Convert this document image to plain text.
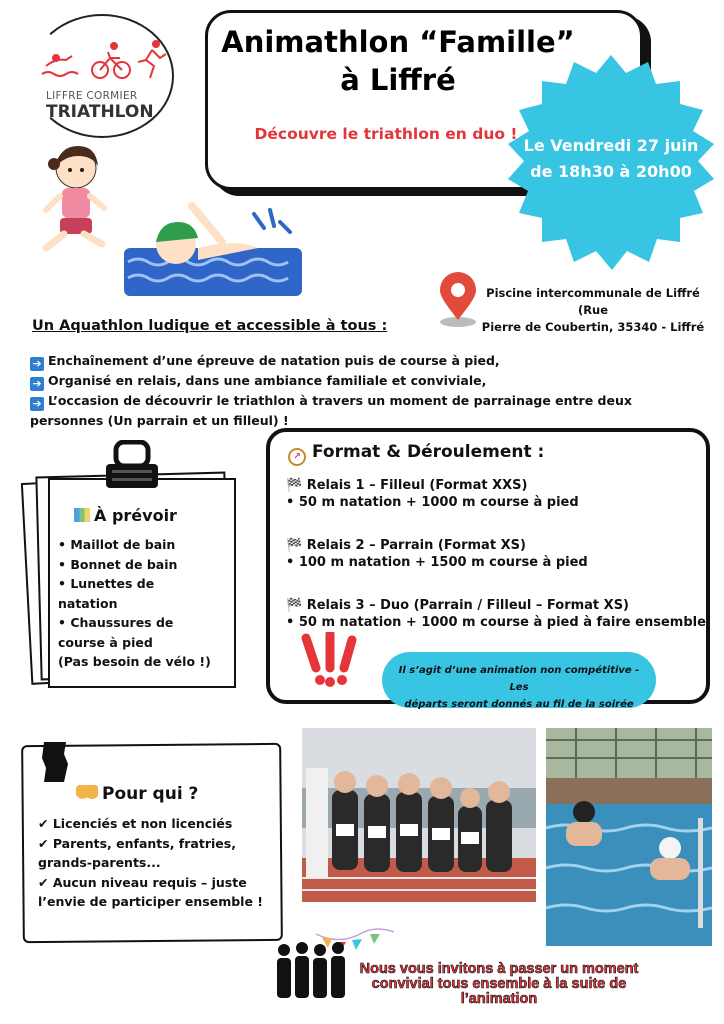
LIFFRE CORMIER
TRIATHLON
Animathlon “Famille”
à Liffré
Découvre le triathlon en duo !
Le Vendredi 27 juin
de 18h30 à 20h00
Piscine intercommunale de Liffré (Rue
Pierre de Coubertin, 35340 - Liffré
Un Aquathlon ludique et accessible à tous :
➔ Enchaînement d’une épreuve de natation puis de course à pied,
➔ Organisé en relais, dans une ambiance familiale et conviviale,
➔ L’occasion de découvrir le triathlon à travers un moment de parrainage entre deux
personnes (Un parrain et un filleul) !
À prévoir
• Maillot de bain
• Bonnet de bain
• Lunettes de
natation
• Chaussures de
course à pied
(Pas besoin de vélo !)
↗ Format & Déroulement :
🏁 Relais 1 – Filleul (Format XXS)
• 50 m natation + 1000 m course à pied
🏁 Relais 2 – Parrain (Format XS)
• 100 m natation + 1500 m course à pied
🏁 Relais 3 – Duo (Parrain / Filleul – Format XS)
• 50 m natation + 1000 m course à pied à faire ensemble
Il s’agit d’une animation non compétitive - Les
départs seront donnés au fil de la soirée
Pour qui ?
✔ Licenciés et non licenciés
✔ Parents, enfants, fratries,
grands-parents...
✔ Aucun niveau requis – juste
l’envie de participer ensemble !
Nous vous invitons à passer un moment
convivial tous ensemble à la suite de
l’animation
